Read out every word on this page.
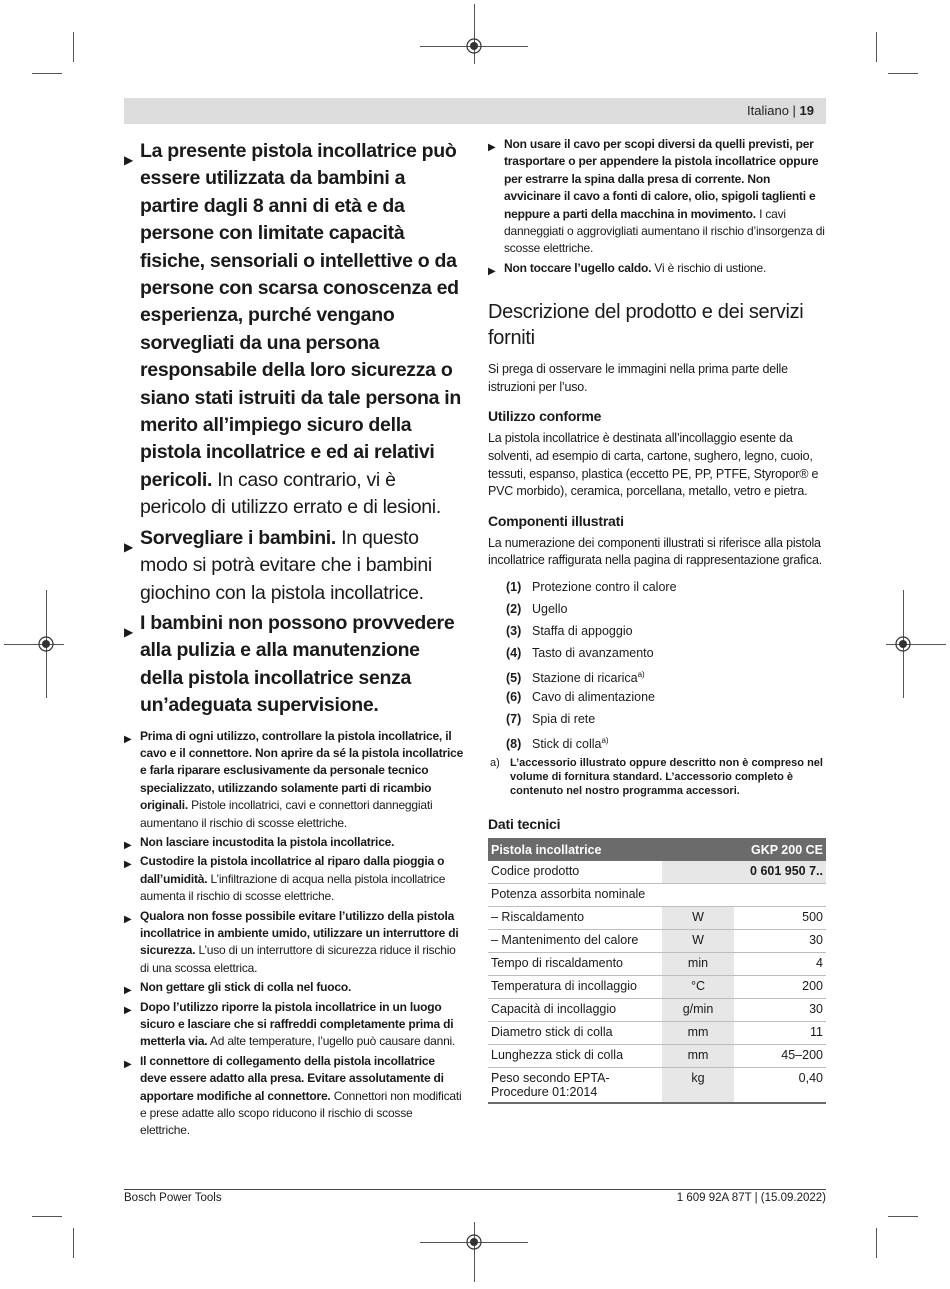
Italiano | 19
▶ La presente pistola incollatrice può essere utilizzata da bambini a partire dagli 8 anni di età e da persone con limitate capacità fisiche, sensoriali o intellettive o da persone con scarsa conoscenza ed esperienza, purché vengano sorvegliati da una persona responsabile della loro sicurezza o siano stati istruiti da tale persona in merito all’impiego sicuro della pistola incollatrice e ed ai relativi pericoli. In caso contrario, vi è pericolo di utilizzo errato e di lesioni.
▶ Sorvegliare i bambini. In questo modo si potrà evitare che i bambini giochino con la pistola incollatrice.
▶ I bambini non possono provvedere alla pulizia e alla manutenzione della pistola incollatrice senza un’adeguata supervisione.
▶ Prima di ogni utilizzo, controllare la pistola incollatrice, il cavo e il connettore. Non aprire da sé la pistola incollatrice e farla riparare esclusivamente da personale tecnico specializzato, utilizzando solamente parti di ricambio originali. Pistole incollatrici, cavi e connettori danneggiati aumentano il rischio di scosse elettriche.
▶ Non lasciare incustodita la pistola incollatrice.
▶ Custodire la pistola incollatrice al riparo dalla pioggia o dall’umidità. L’infiltrazione di acqua nella pistola incollatrice aumenta il rischio di scosse elettriche.
▶ Qualora non fosse possibile evitare l’utilizzo della pistola incollatrice in ambiente umido, utilizzare un interruttore di sicurezza. L’uso di un interruttore di sicurezza riduce il rischio di una scossa elettrica.
▶ Non gettare gli stick di colla nel fuoco.
▶ Dopo l’utilizzo riporre la pistola incollatrice in un luogo sicuro e lasciare che si raffreddi completamente prima di metterla via. Ad alte temperature, l’ugello può causare danni.
▶ Il connettore di collegamento della pistola incollatrice deve essere adatto alla presa. Evitare assolutamente di apportare modifiche al connettore. Connettori non modificati e prese adatte allo scopo riducono il rischio di scosse elettriche.
▶ Non usare il cavo per scopi diversi da quelli previsti, per trasportare o per appendere la pistola incollatrice oppure per estrarre la spina dalla presa di corrente. Non avvicinare il cavo a fonti di calore, olio, spigoli taglienti e neppure a parti della macchina in movimento. I cavi danneggiati o aggrovigliati aumentano il rischio d’insorgenza di scosse elettriche.
▶ Non toccare l’ugello caldo. Vi è rischio di ustione.
Descrizione del prodotto e dei servizi forniti

Si prega di osservare le immagini nella prima parte delle istruzioni per l’uso.

Utilizzo conforme

La pistola incollatrice è destinata all’incollaggio esente da solventi, ad esempio di carta, cartone, sughero, legno, cuoio, tessuti, espanso, plastica (eccetto PE, PP, PTFE, Styropor® e PVC morbido), ceramica, porcellana, metallo, vetro e pietra.

Componenti illustrati

La numerazione dei componenti illustrati si riferisce alla pistola incollatrice raffigurata nella pagina di rappresentazione grafica.

(1) Protezione contro il calore
(2) Ugello
(3) Staffa di appoggio
(4) Tasto di avanzamento
(5) Stazione di ricarica$^{a)}$
(6) Cavo di alimentazione
(7) Spia di rete
(8) Stick di colla$^{a)}$
a) L’accessorio illustrato oppure descritto non è compreso nel volume di fornitura standard. L’accessorio completo è contenuto nel nostro programma accessori.
Dati tecnici
Pistola incollatrice		GKP 200 CE
Codice prodotto		0 601 950 7..
Potenza assorbita nominale		
– Riscaldamento	W	500
– Mantenimento del calore	W	30
Tempo di riscaldamento	min	4
Temperatura di incollaggio	°C	200
Capacità di incollaggio	g/min	30
Diametro stick di colla	mm	11
Lunghezza stick di colla	mm	45–200
Peso secondo EPTA-Procedure 01:2014	kg	0,40
Bosch Power Tools	1 609 92A 87T | (15.09.2022)
